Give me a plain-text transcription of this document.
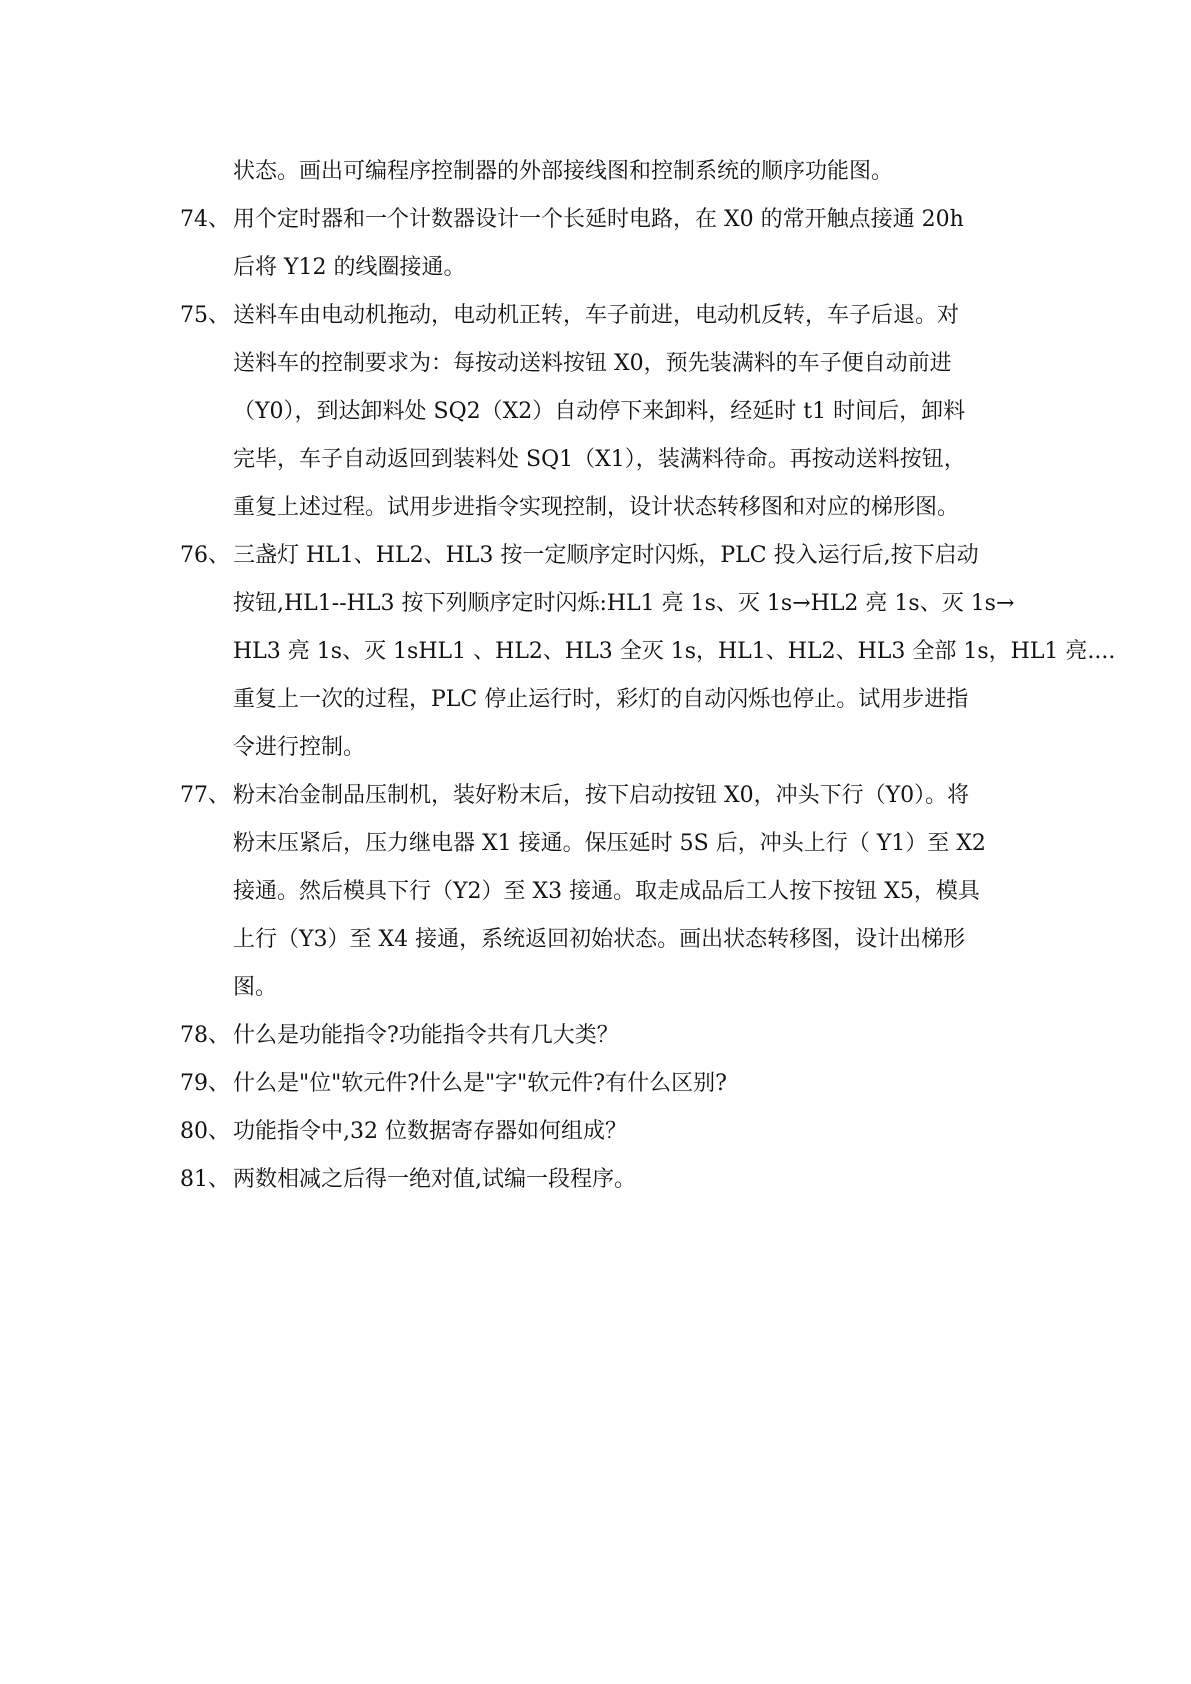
状态。画出可编程序控制器的外部接线图和控制系统的顺序功能图。
74、 用个定时器和一个计数器设计一个长延时电路，在 X0 的常开触点接通 20h
后将 Y12 的线圈接通。
75、 送料车由电动机拖动，电动机正转，车子前进，电动机反转，车子后退。对
送料车的控制要求为：每按动送料按钮 X0，预先装满料的车子便自动前进
（Y0），到达卸料处 SQ2（X2）自动停下来卸料，经延时 t1 时间后，卸料
完毕，车子自动返回到装料处 SQ1（X1），装满料待命。再按动送料按钮，
重复上述过程。试用步进指令实现控制，设计状态转移图和对应的梯形图。
76、 三盏灯 HL1、HL2、HL3 按一定顺序定时闪烁，PLC 投入运行后,按下启动
按钮,HL1--HL3 按下列顺序定时闪烁:HL1 亮 1s、灭 1s→HL2 亮 1s、灭 1s→
HL3 亮 1s、灭 1sHL1 、HL2、HL3 全灭 1s，HL1、HL2、HL3 全部 1s，HL1 亮....
重复上一次的过程，PLC 停止运行时，彩灯的自动闪烁也停止。试用步进指
令进行控制。
77、 粉末冶金制品压制机，装好粉末后，按下启动按钮 X0，冲头下行（Y0）。将
粉末压紧后，压力继电器 X1 接通。保压延时 5S 后，冲头上行（ Y1）至 X2
接通。然后模具下行（Y2）至 X3 接通。取走成品后工人按下按钮 X5，模具
上行（Y3）至 X4 接通，系统返回初始状态。画出状态转移图，设计出梯形
图。
78、 什么是功能指令?功能指令共有几大类？
79、 什么是"位"软元件?什么是"字"软元件?有什么区别?
80、 功能指令中,32 位数据寄存器如何组成？
81、 两数相减之后得一绝对值,试编一段程序。
